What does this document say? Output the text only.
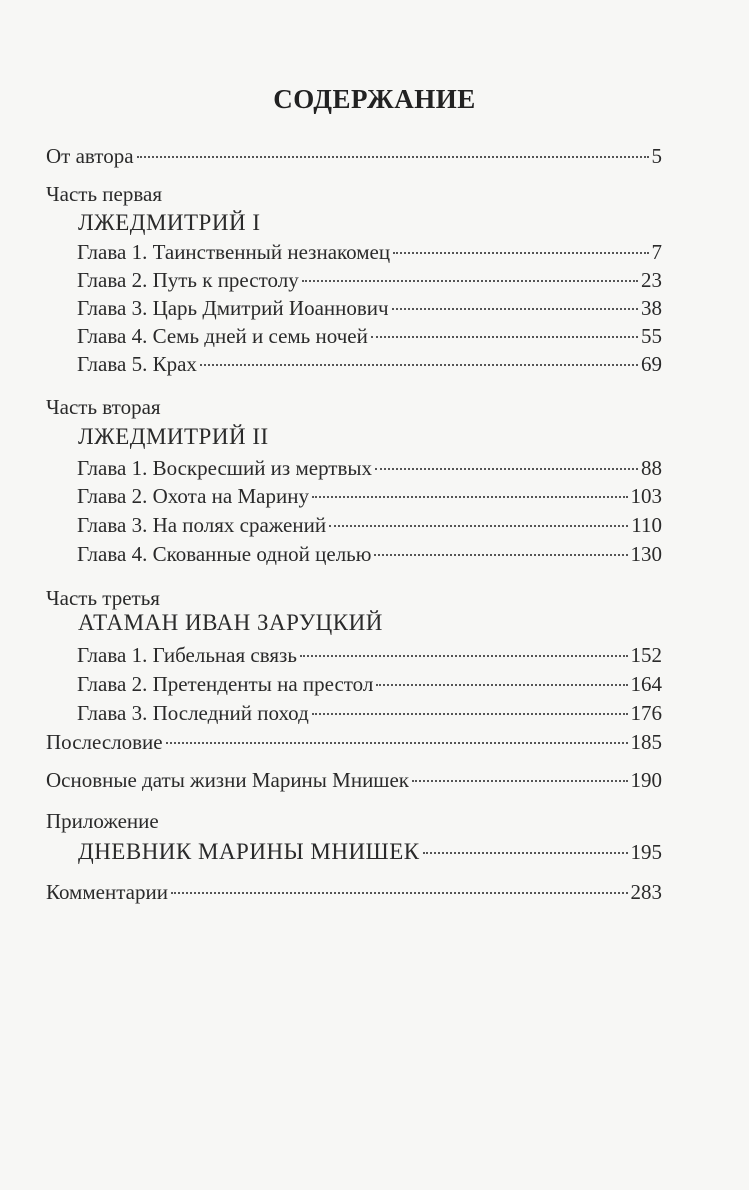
СОДЕРЖАНИЕ
От автора	5
Часть первая
ЛЖЕДМИТРИЙ I
Глава 1. Таинственный незнакомец	7
Глава 2. Путь к престолу	23
Глава 3. Царь Дмитрий Иоаннович	38
Глава 4. Семь дней и семь ночей	55
Глава 5. Крах	69
Часть вторая
ЛЖЕДМИТРИЙ II
Глава 1. Воскресший из мертвых	88
Глава 2. Охота на Марину	103
Глава 3. На полях сражений	110
Глава 4. Скованные одной целью	130
Часть третья
АТАМАН ИВАН ЗАРУЦКИЙ
Глава 1. Гибельная связь	152
Глава 2. Претенденты на престол	164
Глава 3. Последний поход	176
Послесловие	185
Основные даты жизни Марины Мнишек	190
Приложение
ДНЕВНИК МАРИНЫ МНИШЕК	195
Комментарии	283
